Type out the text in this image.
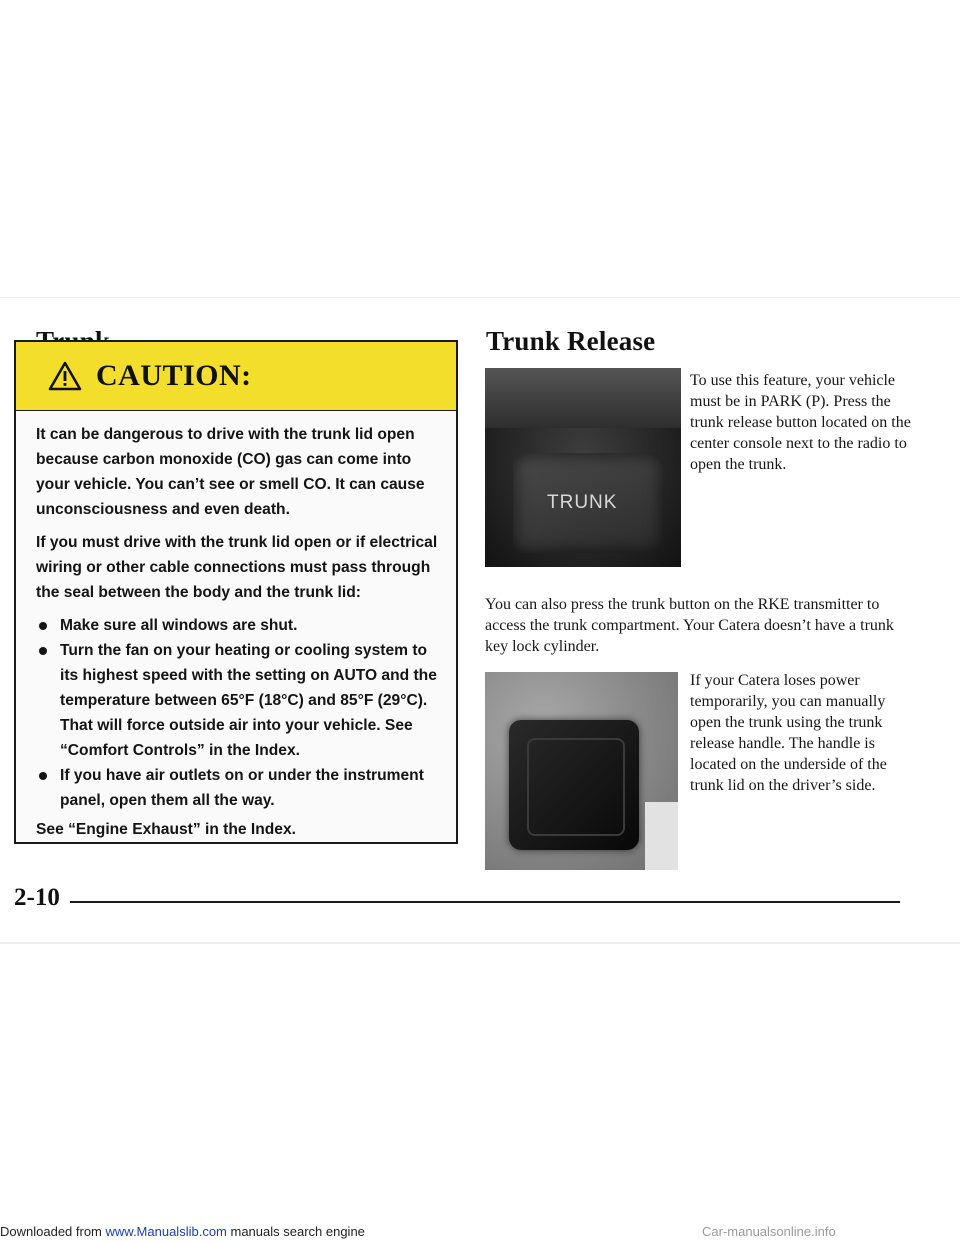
CAUTION:

It can be dangerous to drive with the trunk lid open because carbon monoxide (CO) gas can come into your vehicle. You can’t see or smell CO. It can cause unconsciousness and even death.

If you must drive with the trunk lid open or if electrical wiring or other cable connections must pass through the seal between the body and the trunk lid:

Make sure all windows are shut.
Turn the fan on your heating or cooling system to its highest speed with the setting on AUTO and the temperature between 65°F (18°C) and 85°F (29°C). That will force outside air into your vehicle. See “Comfort Controls” in the Index.
If you have air outlets on or under the instrument panel, open them all the way.

See “Engine Exhaust” in the Index.

Trunk Release
TRUNK
To use this feature, your vehicle must be in PARK (P). Press the trunk release button located on the center console next to the radio to open the trunk.
You can also press the trunk button on the RKE transmitter to access the trunk compartment. Your Catera doesn’t have a trunk key lock cylinder.
If your Catera loses power temporarily, you can manually open the trunk using the trunk release handle. The handle is located on the underside of the trunk lid on the driver’s side.
2-10
Downloaded from www.Manualslib.com manuals search engine	Car-manualsonline.info
